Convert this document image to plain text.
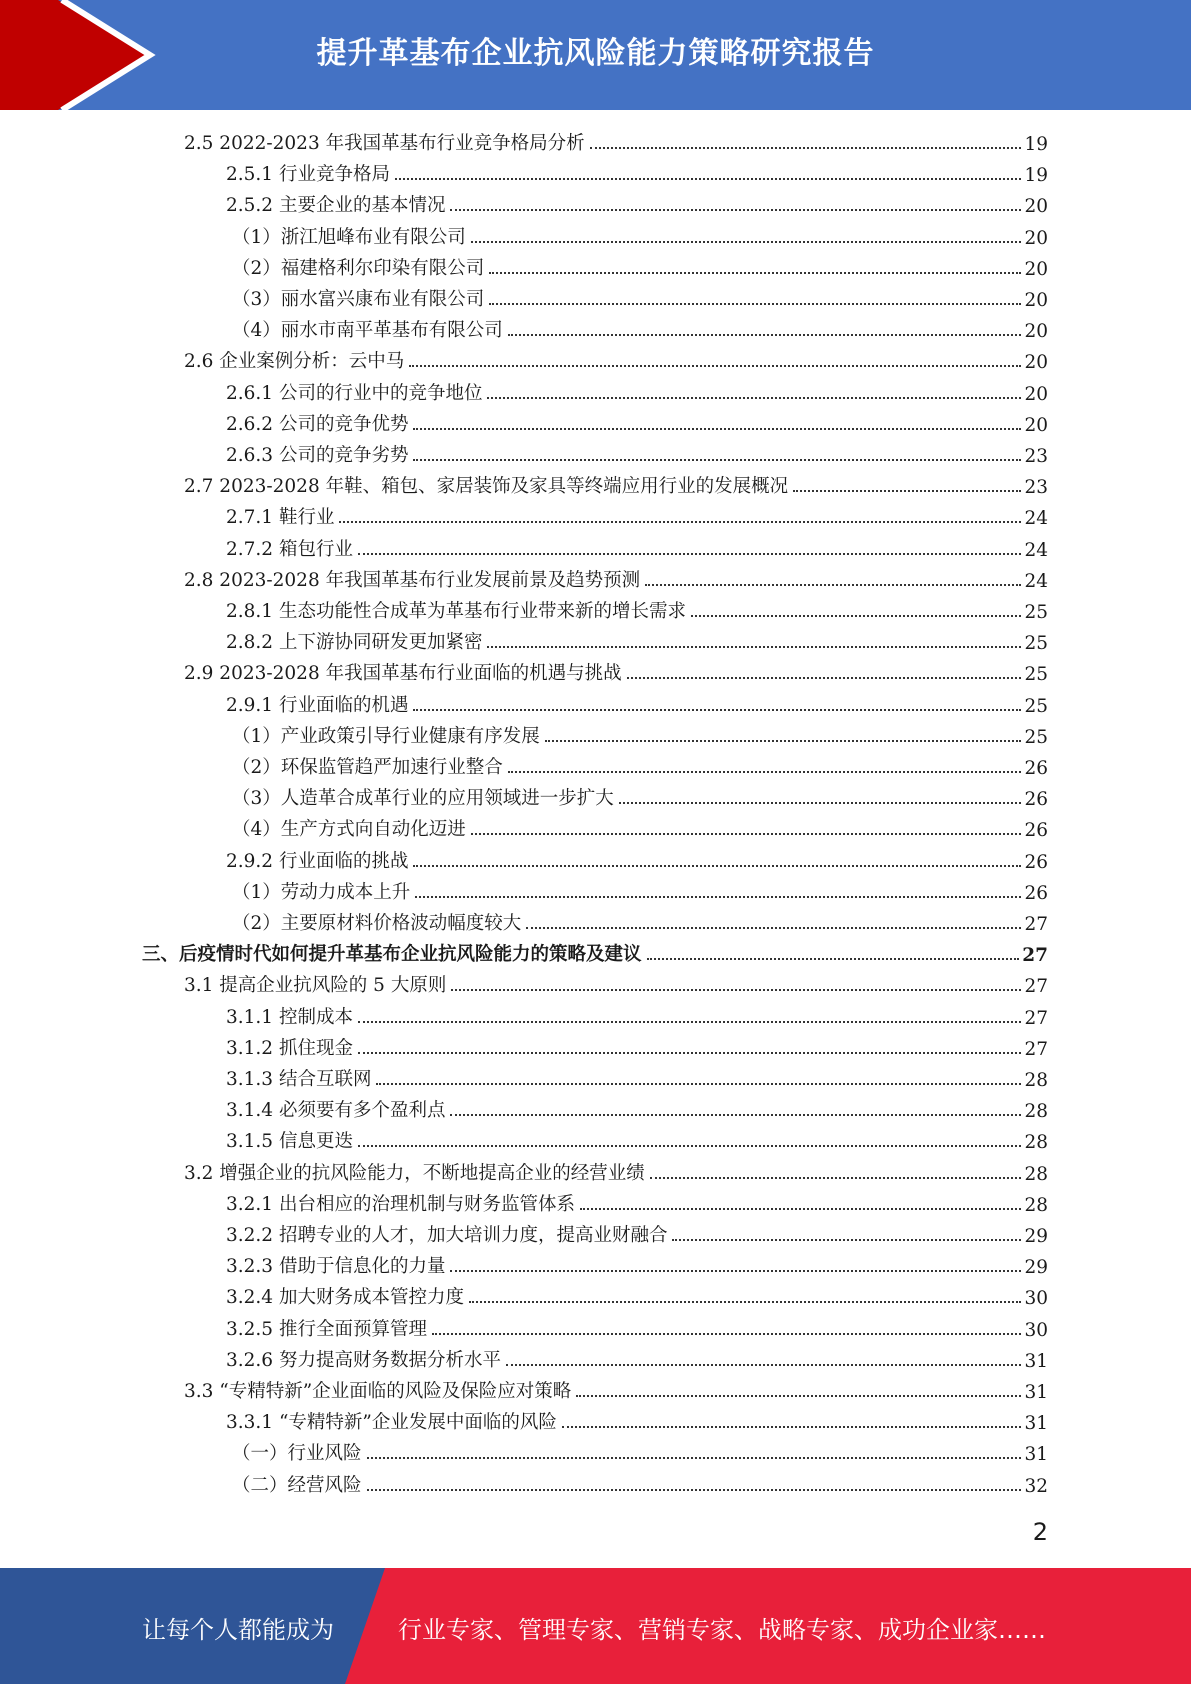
提升革基布企业抗风险能力策略研究报告
2.5 2022-2023 年我国革基布行业竞争格局分析	19
2.5.1 行业竞争格局	19
2.5.2 主要企业的基本情况	20
（1）浙江旭峰布业有限公司	20
（2）福建格利尔印染有限公司	20
（3）丽水富兴康布业有限公司	20
（4）丽水市南平革基布有限公司	20
2.6 企业案例分析：云中马	20
2.6.1 公司的行业中的竞争地位	20
2.6.2 公司的竞争优势	20
2.6.3 公司的竞争劣势	23
2.7 2023-2028 年鞋、箱包、家居装饰及家具等终端应用行业的发展概况	23
2.7.1 鞋行业	24
2.7.2 箱包行业	24
2.8 2023-2028 年我国革基布行业发展前景及趋势预测	24
2.8.1 生态功能性合成革为革基布行业带来新的增长需求	25
2.8.2 上下游协同研发更加紧密	25
2.9 2023-2028 年我国革基布行业面临的机遇与挑战	25
2.9.1 行业面临的机遇	25
（1）产业政策引导行业健康有序发展	25
（2）环保监管趋严加速行业整合	26
（3）人造革合成革行业的应用领域进一步扩大	26
（4）生产方式向自动化迈进	26
2.9.2 行业面临的挑战	26
（1）劳动力成本上升	26
（2）主要原材料价格波动幅度较大	27
三、后疫情时代如何提升革基布企业抗风险能力的策略及建议	27
3.1 提高企业抗风险的 5 大原则	27
3.1.1 控制成本	27
3.1.2 抓住现金	27
3.1.3 结合互联网	28
3.1.4 必须要有多个盈利点	28
3.1.5 信息更迭	28
3.2 增强企业的抗风险能力，不断地提高企业的经营业绩	28
3.2.1 出台相应的治理机制与财务监管体系	28
3.2.2 招聘专业的人才，加大培训力度，提高业财融合	29
3.2.3 借助于信息化的力量	29
3.2.4 加大财务成本管控力度	30
3.2.5 推行全面预算管理	30
3.2.6 努力提高财务数据分析水平	31
3.3 “专精特新”企业面临的风险及保险应对策略	31
3.3.1 “专精特新”企业发展中面临的风险	31
（一）行业风险	31
（二）经营风险	32
2
让每个人都能成为	行业专家、管理专家、营销专家、战略专家、成功企业家……
